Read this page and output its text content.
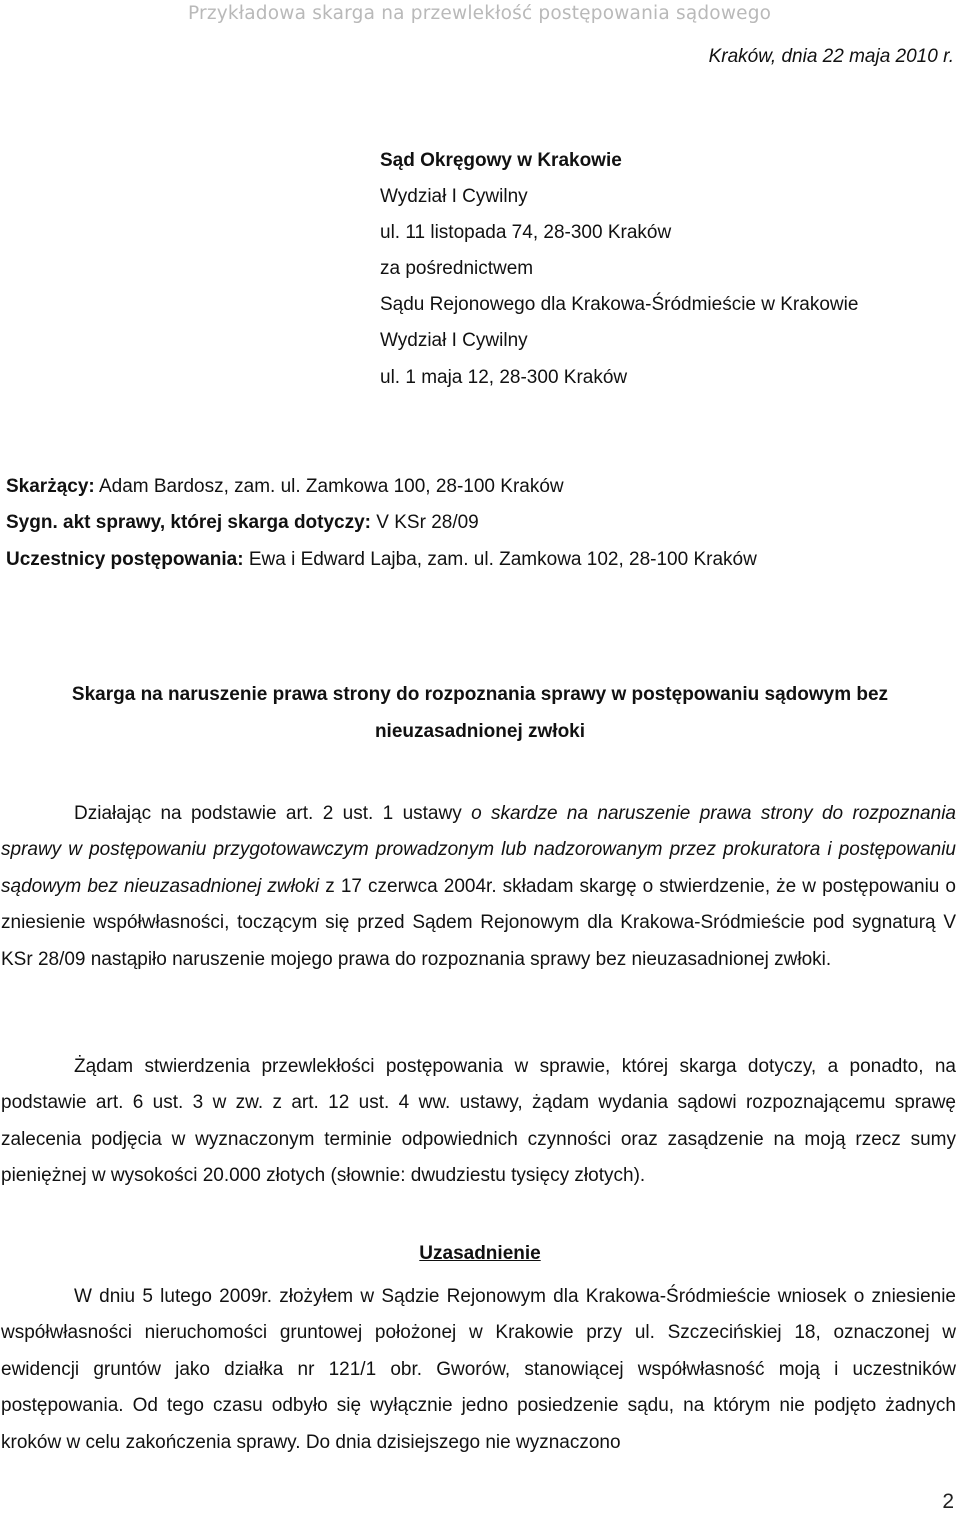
Przykładowa skarga na przewlekłość postępowania sądowego
Kraków, dnia 22 maja 2010 r.
Sąd Okręgowy w Krakowie
Wydział I Cywilny
ul. 11 listopada 74, 28-300 Kraków
za pośrednictwem
Sądu Rejonowego dla Krakowa-Śródmieście w Krakowie
Wydział I Cywilny
ul. 1 maja 12, 28-300 Kraków
Skarżący: Adam Bardosz, zam. ul. Zamkowa 100, 28-100 Kraków
Sygn. akt sprawy, której skarga dotyczy: V KSr 28/09
Uczestnicy postępowania: Ewa i Edward Lajba, zam. ul. Zamkowa 102, 28-100 Kraków
Skarga na naruszenie prawa strony do rozpoznania sprawy w postępowaniu sądowym bez
nieuzasadnionej zwłoki

Działając na podstawie art. 2 ust. 1 ustawy o skardze na naruszenie prawa strony do rozpoznania sprawy w postępowaniu przygotowawczym prowadzonym lub nadzorowanym przez prokuratora i postępowaniu sądowym bez nieuzasadnionej zwłoki z 17 czerwca 2004r. składam skargę o stwierdzenie, że w postępowaniu o zniesienie współwłasności, toczącym się przed Sądem Rejonowym dla Krakowa-Sródmieście pod sygnaturą V KSr 28/09 nastąpiło naruszenie mojego prawa do rozpoznania sprawy bez nieuzasadnionej zwłoki.

Żądam stwierdzenia przewlekłości postępowania w sprawie, której skarga dotyczy, a ponadto, na podstawie art. 6 ust. 3 w zw. z art. 12 ust. 4 ww. ustawy, żądam wydania sądowi rozpoznającemu sprawę zalecenia podjęcia w wyznaczonym terminie odpowiednich czynności oraz zasądzenie na moją rzecz sumy pieniężnej w wysokości 20.000 złotych (słownie: dwudziestu tysięcy złotych).

Uzasadnienie

W dniu 5 lutego 2009r. złożyłem w Sądzie Rejonowym dla Krakowa-Śródmieście wniosek o zniesienie współwłasności nieruchomości gruntowej położonej w Krakowie przy ul. Szczecińskiej 18, oznaczonej w ewidencji gruntów jako działka nr 121/1 obr. Gworów, stanowiącej współwłasność moją i uczestników postępowania. Od tego czasu odbyło się wyłącznie jedno posiedzenie sądu, na którym nie podjęto żadnych kroków w celu zakończenia sprawy. Do dnia dzisiejszego nie wyznaczono

2
